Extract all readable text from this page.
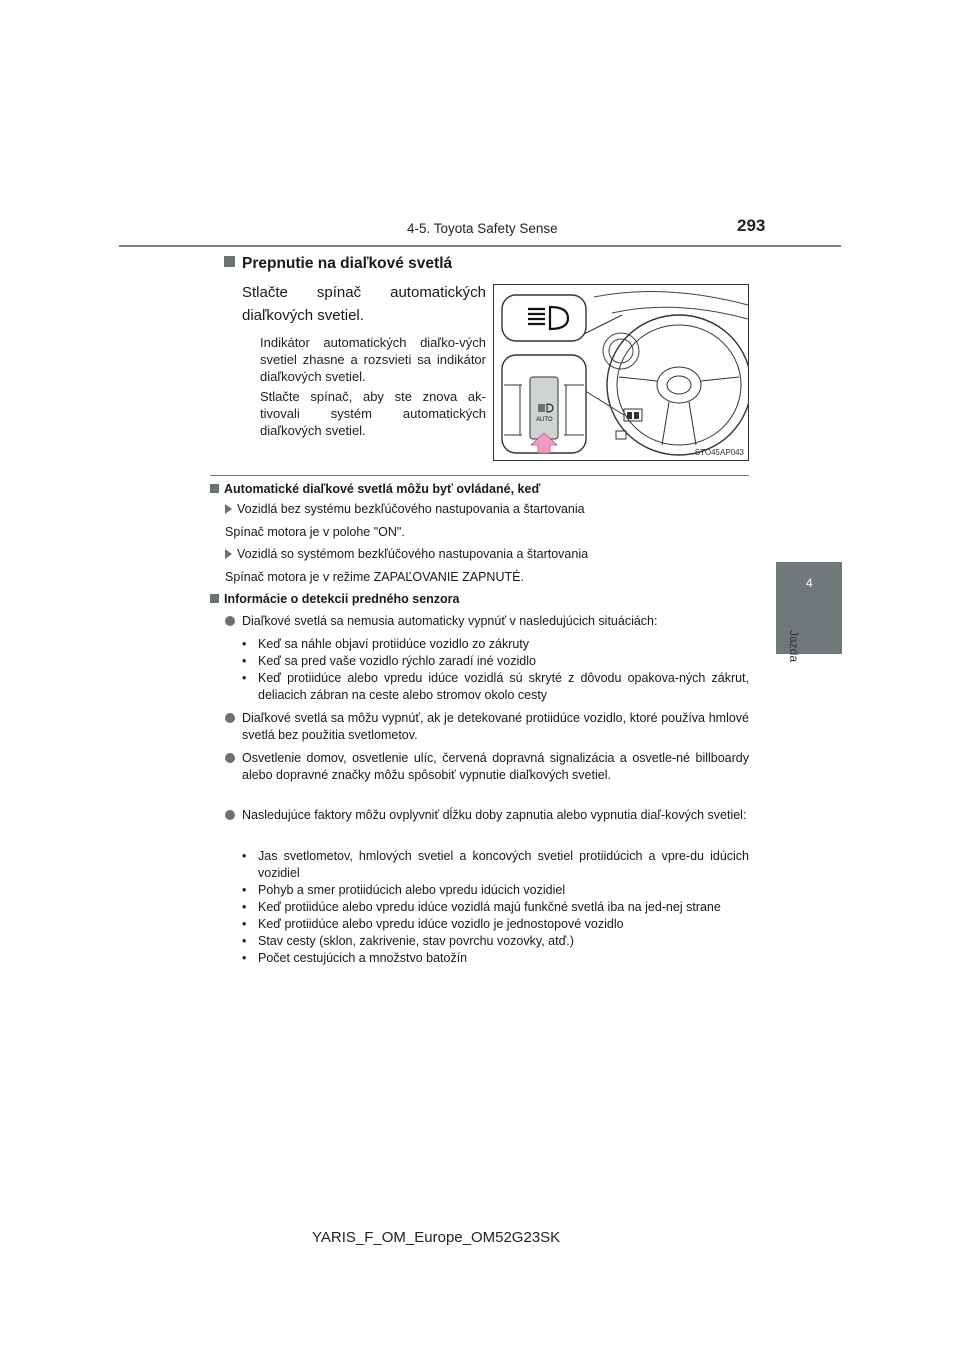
4-5. Toyota Safety Sense	293
4
Jazda
Prepnutie na diaľkové svetlá
Stlačte spínač automatických diaľkových svetiel.
Indikátor automatických diaľko-vých svetiel zhasne a rozsvieti sa indikátor diaľkových svetiel.
Stlačte spínač, aby ste znova ak-tivovali systém automatických diaľkových svetiel.
AUTO
STO45AP043
Automatické diaľkové svetlá môžu byť ovládané, keď
Vozidlá bez systému bezkľúčového nastupovania a štartovania
Spínač motora je v polohe "ON".
Vozidlá so systémom bezkľúčového nastupovania a štartovania
Spínač motora je v režime ZAPAĽOVANIE ZAPNUTÉ.
Informácie o detekcii predného senzora
Diaľkové svetlá sa nemusia automaticky vypnúť v nasledujúcich situáciách:
• Keď sa náhle objaví protiidúce vozidlo zo zákruty
• Keď sa pred vaše vozidlo rýchlo zaradí iné vozidlo
• Keď protiidúce alebo vpredu idúce vozidlá sú skryté z dôvodu opakova-ných zákrut, deliacich zábran na ceste alebo stromov okolo cesty
Diaľkové svetlá sa môžu vypnúť, ak je detekované protiidúce vozidlo, ktoré používa hmlové svetlá bez použitia svetlometov.
Osvetlenie domov, osvetlenie ulíc, červená dopravná signalizácia a osvetle-né billboardy alebo dopravné značky môžu spôsobiť vypnutie diaľkových svetiel.
Nasledujúce faktory môžu ovplyvniť dĺžku doby zapnutia alebo vypnutia diaľ-kových svetiel:
• Jas svetlometov, hmlových svetiel a koncových svetiel protiidúcich a vpre-du idúcich vozidiel
• Pohyb a smer protiidúcich alebo vpredu idúcich vozidiel
• Keď protiidúce alebo vpredu idúce vozidlá majú funkčné svetlá iba na jed-nej strane
• Keď protiidúce alebo vpredu idúce vozidlo je jednostopové vozidlo
• Stav cesty (sklon, zakrivenie, stav povrchu vozovky, atď.)
• Počet cestujúcich a množstvo batožín
YARIS_F_OM_Europe_OM52G23SK
